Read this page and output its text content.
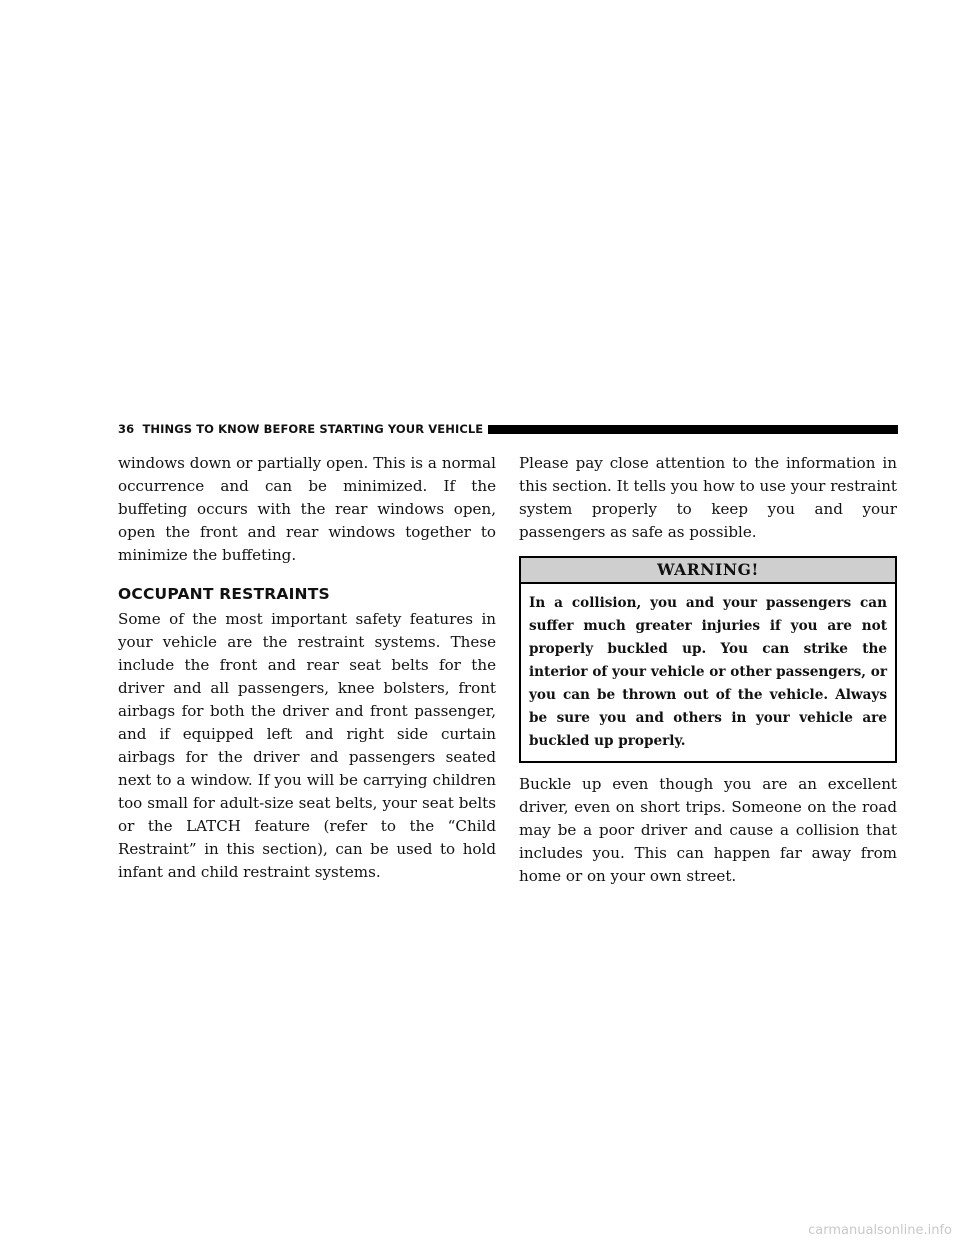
36 THINGS TO KNOW BEFORE STARTING YOUR VEHICLE

windows down or partially open. This is a normal occurrence and can be minimized. If the buffeting occurs with the rear windows open, open the front and rear windows together to minimize the buffeting.

OCCUPANT RESTRAINTS

Some of the most important safety features in your vehicle are the restraint systems. These include the front and rear seat belts for the driver and all passengers, knee bolsters, front airbags for both the driver and front passenger, and if equipped left and right side curtain airbags for the driver and passengers seated next to a window. If you will be carrying children too small for adult-size seat belts, your seat belts or the LATCH feature (refer to the “Child Restraint” in this section), can be used to hold infant and child restraint systems.

Please pay close attention to the information in this section. It tells you how to use your restraint system properly to keep you and your passengers as safe as possible.

WARNING!
In a collision, you and your passengers can suffer much greater injuries if you are not properly buckled up. You can strike the interior of your vehicle or other passengers, or you can be thrown out of the vehicle. Always be sure you and others in your vehicle are buckled up properly.

Buckle up even though you are an excellent driver, even on short trips. Someone on the road may be a poor driver and cause a collision that includes you. This can happen far away from home or on your own street.

carmanualsonline.info
